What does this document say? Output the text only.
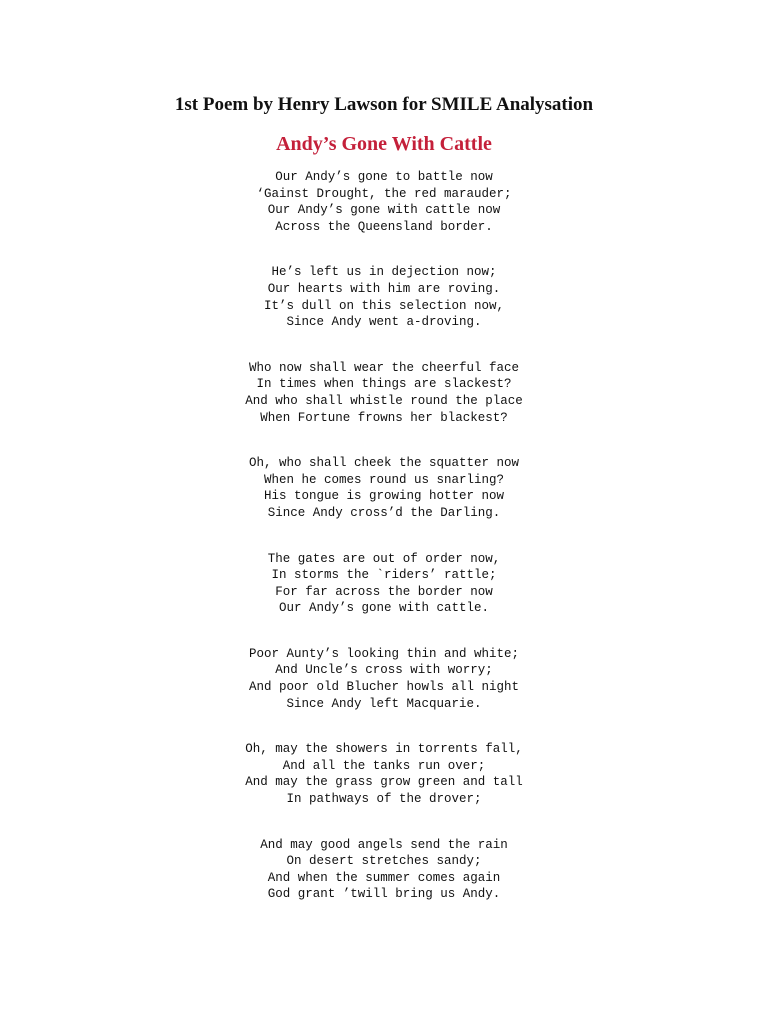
1st Poem by Henry Lawson for SMILE Analysation
Andy’s Gone With Cattle
Our Andy’s gone to battle now
‘Gainst Drought, the red marauder;
Our Andy’s gone with cattle now
Across the Queensland border.
He’s left us in dejection now;
Our hearts with him are roving.
It’s dull on this selection now,
Since Andy went a-droving.
Who now shall wear the cheerful face
In times when things are slackest?
And who shall whistle round the place
When Fortune frowns her blackest?
Oh, who shall cheek the squatter now
When he comes round us snarling?
His tongue is growing hotter now
Since Andy cross’d the Darling.
The gates are out of order now,
In storms the `riders’ rattle;
For far across the border now
Our Andy’s gone with cattle.
Poor Aunty’s looking thin and white;
And Uncle’s cross with worry;
And poor old Blucher howls all night
Since Andy left Macquarie.
Oh, may the showers in torrents fall,
And all the tanks run over;
And may the grass grow green and tall
In pathways of the drover;
And may good angels send the rain
On desert stretches sandy;
And when the summer comes again
God grant ’twill bring us Andy.
